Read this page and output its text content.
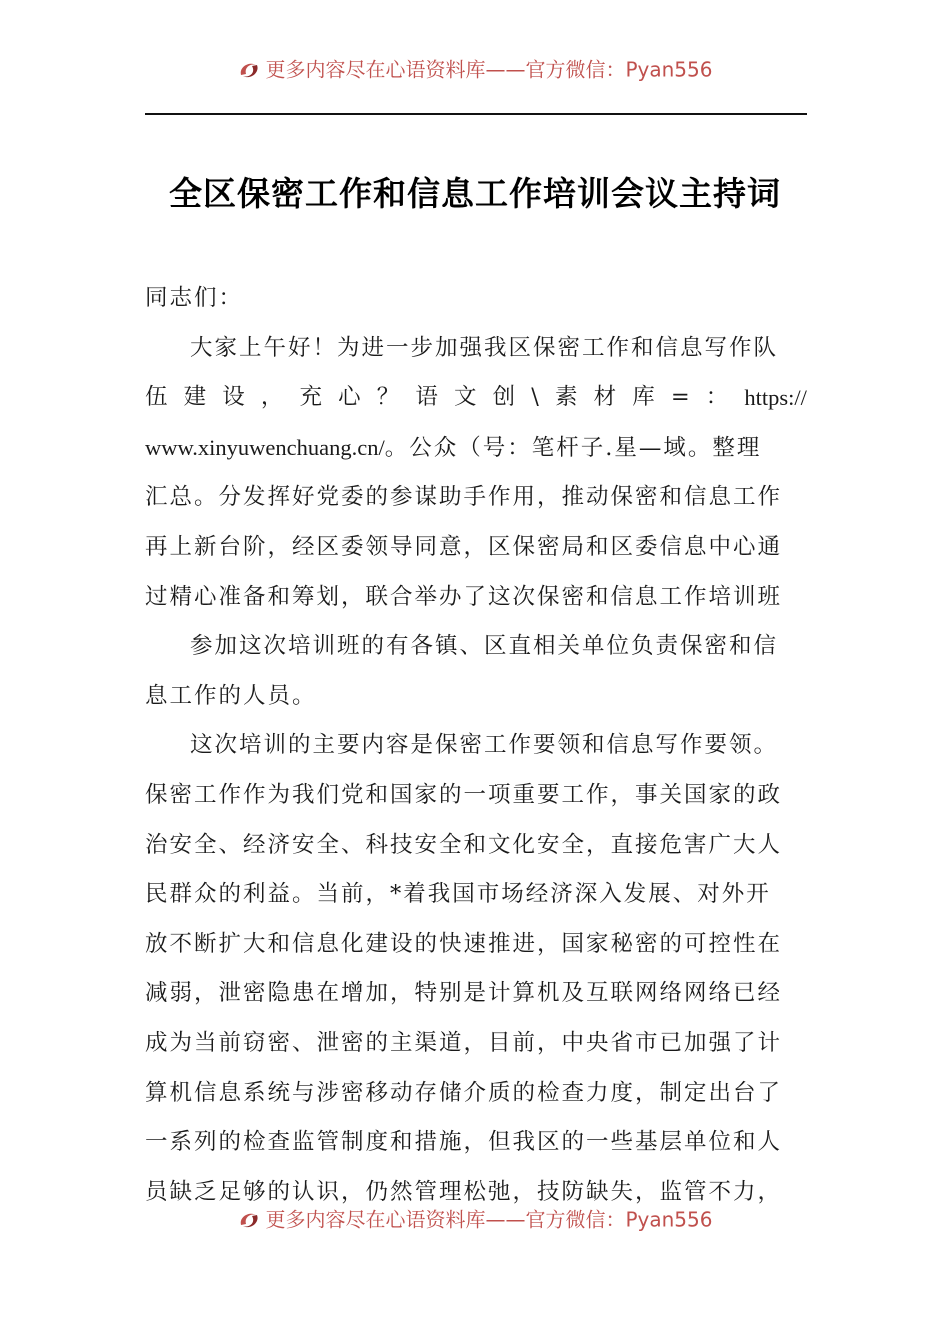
更多内容尽在心语资料库——官方微信：Pyan556
全区保密工作和信息工作培训会议主持词

同志们：

大家上午好！为进一步加强我区保密工作和信息写作队

伍 建 设 ， 充 心 ？ 语 文 创 \ 素 材 库 = ： https://

www.xinyuwenchuang.cn/。公众（号：笔杆子.星—域。整理

汇总。分发挥好党委的参谋助手作用，推动保密和信息工作
再上新台阶，经区委领导同意，区保密局和区委信息中心通
过精心准备和筹划，联合举办了这次保密和信息工作培训班

参加这次培训班的有各镇、区直相关单位负责保密和信

息工作的人员。

这次培训的主要内容是保密工作要领和信息写作要领。

保密工作作为我们党和国家的一项重要工作，事关国家的政
治安全、经济安全、科技安全和文化安全，直接危害广大人
民群众的利益。当前，*着我国市场经济深入发展、对外开
放不断扩大和信息化建设的快速推进，国家秘密的可控性在
减弱，泄密隐患在增加，特别是计算机及互联网络网络已经
成为当前窃密、泄密的主渠道，目前，中央省市已加强了计
算机信息系统与涉密移动存储介质的检查力度，制定出台了
一系列的检查监管制度和措施，但我区的一些基层单位和人
员缺乏足够的认识，仍然管理松弛，技防缺失，监管不力，
更多内容尽在心语资料库——官方微信：Pyan556
